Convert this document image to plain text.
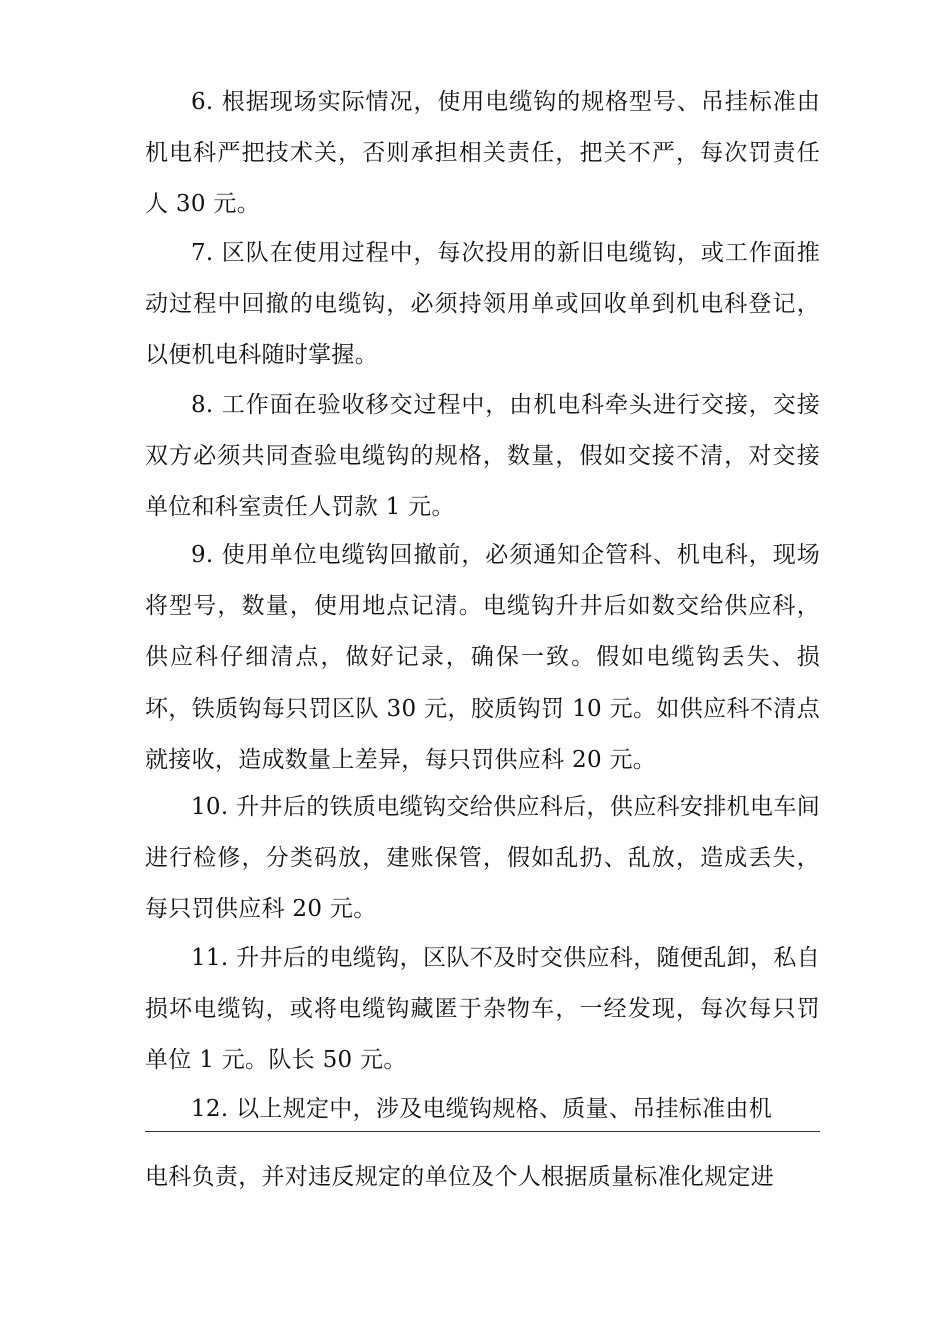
6. 根据现场实际情况，使用电缆钩的规格型号、吊挂标准由机电科严把技术关，否则承担相关责任，把关不严，每次罚责任人 30 元。

7. 区队在使用过程中，每次投用的新旧电缆钩，或工作面推动过程中回撤的电缆钩，必须持领用单或回收单到机电科登记，以便机电科随时掌握。

8. 工作面在验收移交过程中，由机电科牵头进行交接，交接双方必须共同查验电缆钩的规格，数量，假如交接不清，对交接单位和科室责任人罚款 1 元。

9. 使用单位电缆钩回撤前，必须通知企管科、机电科，现场将型号，数量，使用地点记清。电缆钩升井后如数交给供应科，供应科仔细清点，做好记录，确保一致。假如电缆钩丢失、损坏，铁质钩每只罚区队 30 元，胶质钩罚 10 元。如供应科不清点就接收，造成数量上差异，每只罚供应科 20 元。

10. 升井后的铁质电缆钩交给供应科后，供应科安排机电车间进行检修，分类码放，建账保管，假如乱扔、乱放，造成丢失，每只罚供应科 20 元。

11. 升井后的电缆钩，区队不及时交供应科，随便乱卸，私自损坏电缆钩，或将电缆钩藏匿于杂物车，一经发现，每次每只罚单位 1 元。队长 50 元。

12. 以上规定中，涉及电缆钩规格、质量、吊挂标准由机

电科负责，并对违反规定的单位及个人根据质量标准化规定进
